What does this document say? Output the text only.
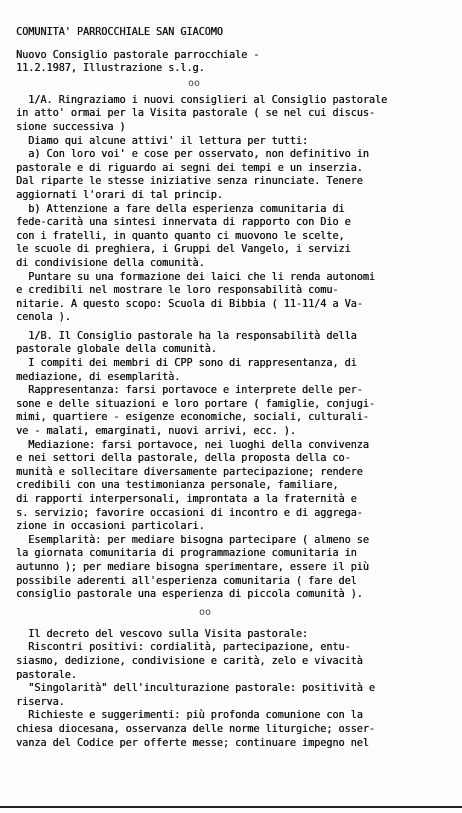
COMUNITA' PARROCCHIALE SAN GIACOMO
Nuovo Consiglio pastorale parrocchiale -
11.2.1987, Illustrazione s.l.g.
oo
1/A. Ringraziamo i nuovi consiglieri al Consiglio pastorale
in atto' ormai per la Visita pastorale ( se nel cui discus-
sione successiva )
Diamo qui alcune attivi' il lettura per tutti:
a) Con loro voi' e cose per osservato, non definitivo in
pastorale e di riguardo ai segni dei tempi e un inserzia.
Dal riparte le stesse iniziative senza rinunciate. Tenere
aggiornati l'orari di tal princip.
b) Attenzione a fare della esperienza comunitaria di
fede-carità una sintesi innervata di rapporto con Dio e
con i fratelli, in quanto quanto ci muovono le scelte,
le scuole di preghiera, i Gruppi del Vangelo, i servizi
di condivisione della comunità.
Puntare su una formazione dei laici che li renda autonomi
e credibili nel mostrare le loro responsabilità comu-
nitarie. A questo scopo: Scuola di Bibbia ( 11-11/4 a Va-
cenola ).
1/B. Il Consiglio pastorale ha la responsabilità della
pastorale globale della comunità.
I compiti dei membri di CPP sono di rappresentanza, di
mediazione, di esemplarità.
Rappresentanza: farsi portavoce e interprete delle per-
sone e delle situazioni e loro portare ( famiglie, conjugi-
mimi, quartiere - esigenze economiche, sociali, culturali-
ve - malati, emarginati, nuovi arrivi, ecc. ).
Mediazione: farsi portavoce, nei luoghi della convivenza
e nei settori della pastorale, della proposta della co-
munità e sollecitare diversamente partecipazione; rendere
credibili con una testimonianza personale, familiare,
di rapporti interpersonali, improntata a la fraternità e
s. servizio; favorire occasioni di incontro e di aggrega-
zione in occasioni particolari.
Esemplarità: per mediare bisogna partecipare ( almeno se
la giornata comunitaria di programmazione comunitaria in
autunno ); per mediare bisogna sperimentare, essere il più
possibile aderenti all'esperienza comunitaria ( fare del
consiglio pastorale una esperienza di piccola comunità ).
oo
Il decreto del vescovo sulla Visita pastorale:
Riscontri positivi: cordialità, partecipazione, entu-
siasmo, dedizione, condivisione e carità, zelo e vivacità
pastorale.
"Singolarità" dell'inculturazione pastorale: positività e
riserva.
Richieste e suggerimenti: più profonda comunione con la
chiesa diocesana, osservanza delle norme liturgiche; osser-
vanza del Codice per offerte messe; continuare impegno nel
